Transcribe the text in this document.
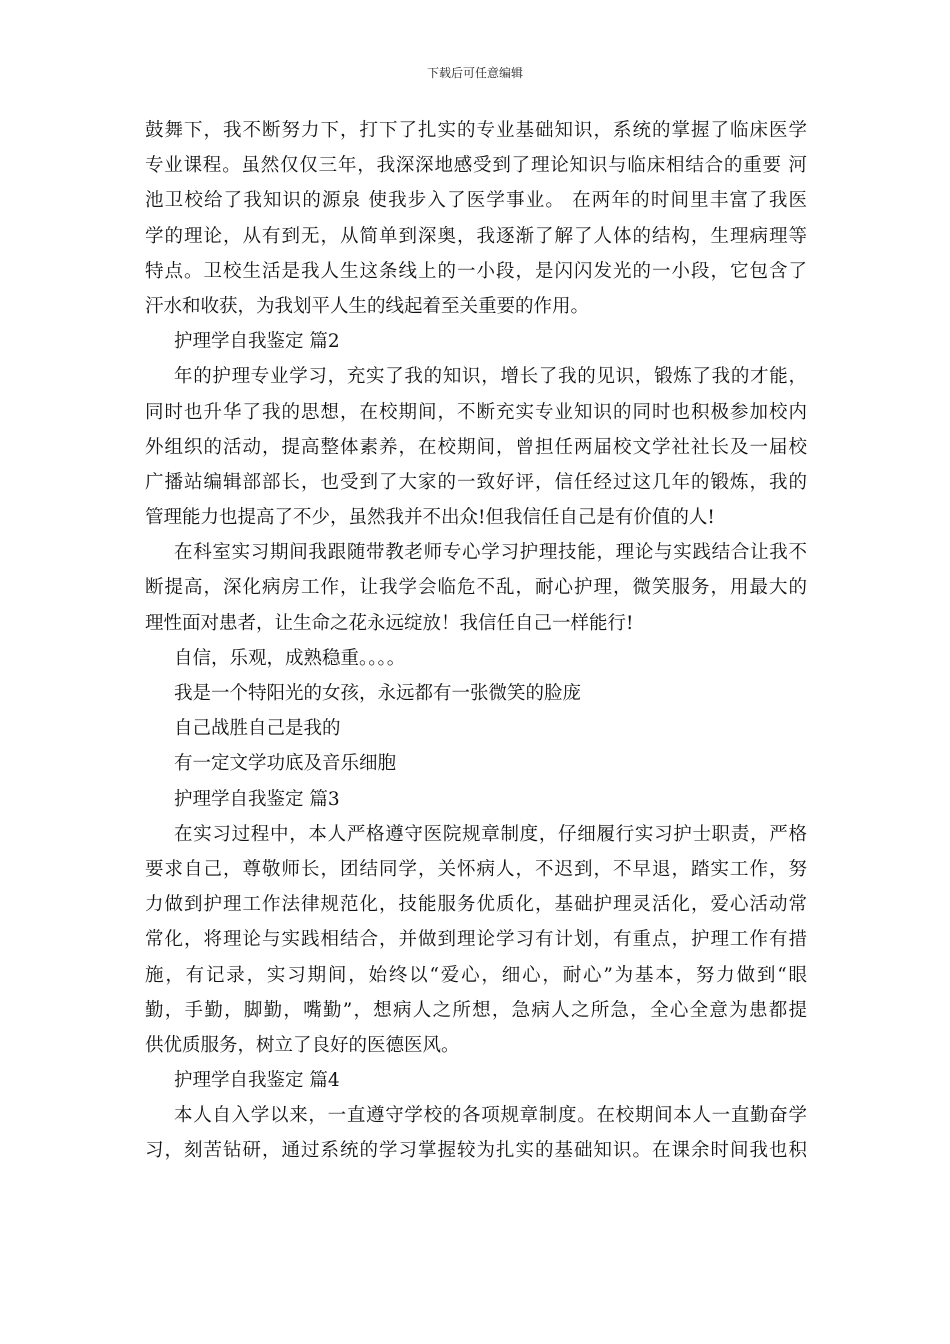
下载后可任意编辑
鼓舞下，我不断努力下，打下了扎实的专业基础知识，系统的掌握了临床医学
专业课程。虽然仅仅三年，我深深地感受到了理论知识与临床相结合的重要 河
池卫校给了我知识的源泉 使我步入了医学事业。 在两年的时间里丰富了我医
学的理论，从有到无，从简单到深奥，我逐渐了解了人体的结构，生理病理等
特点。卫校生活是我人生这条线上的一小段，是闪闪发光的一小段，它包含了
汗水和收获，为我划平人生的线起着至关重要的作用。
护理学自我鉴定 篇2
年的护理专业学习，充实了我的知识，增长了我的见识，锻炼了我的才能，
同时也升华了我的思想，在校期间，不断充实专业知识的同时也积极参加校内
外组织的活动，提高整体素养，在校期间，曾担任两届校文学社社长及一届校
广播站编辑部部长，也受到了大家的一致好评，信任经过这几年的锻炼，我的
管理能力也提高了不少，虽然我并不出众!但我信任自己是有价值的人!
在科室实习期间我跟随带教老师专心学习护理技能，理论与实践结合让我不
断提高，深化病房工作，让我学会临危不乱，耐心护理，微笑服务，用最大的
理性面对患者，让生命之花永远绽放！我信任自己一样能行!
自信，乐观，成熟稳重。。。。
我是一个特阳光的女孩，永远都有一张微笑的脸庞
自己战胜自己是我的
有一定文学功底及音乐细胞
护理学自我鉴定 篇3
在实习过程中，本人严格遵守医院规章制度，仔细履行实习护士职责，严格
要求自己，尊敬师长，团结同学，关怀病人，不迟到，不早退，踏实工作，努
力做到护理工作法律规范化，技能服务优质化，基础护理灵活化，爱心活动常
常化，将理论与实践相结合，并做到理论学习有计划，有重点，护理工作有措
施，有记录，实习期间，始终以“爱心，细心，耐心”为基本，努力做到“眼
勤，手勤，脚勤，嘴勤”，想病人之所想，急病人之所急，全心全意为患都提
供优质服务，树立了良好的医德医风。
护理学自我鉴定 篇4
本人自入学以来，一直遵守学校的各项规章制度。在校期间本人一直勤奋学
习，刻苦钻研，通过系统的学习掌握较为扎实的基础知识。在课余时间我也积
